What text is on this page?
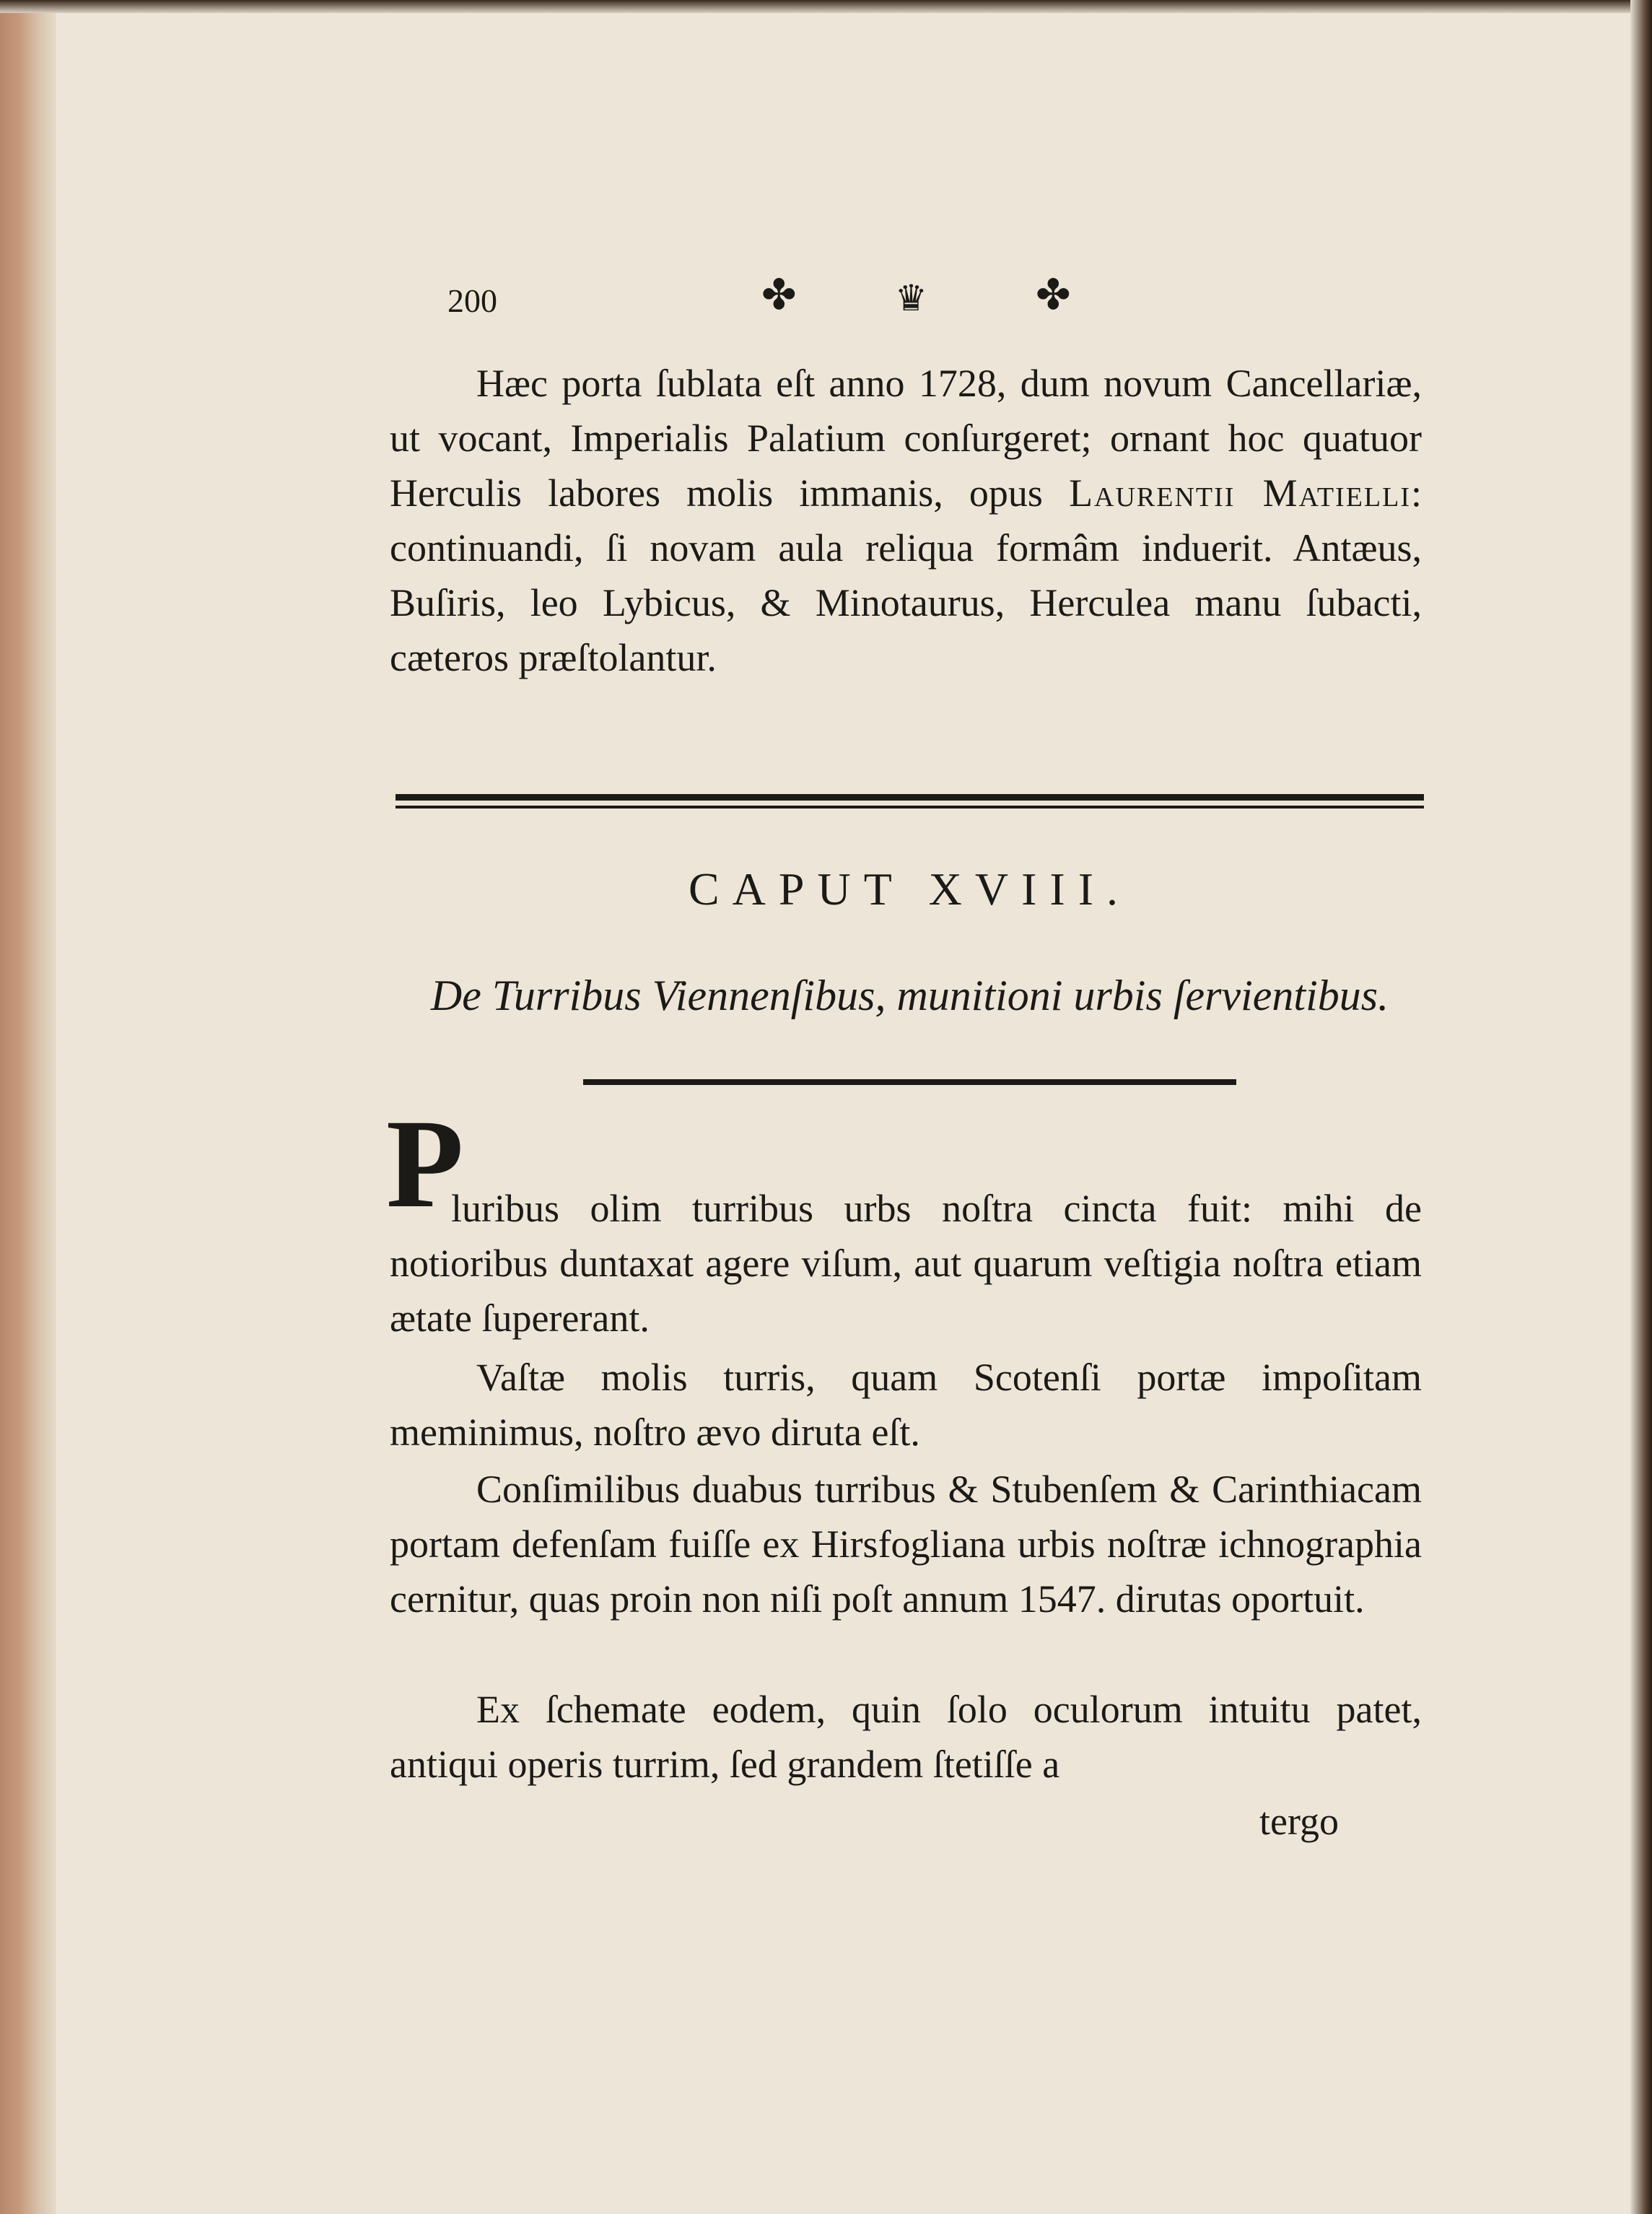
200	✤	♛	✤

Hæc porta ſublata eſt anno 1728, dum novum Cancellariæ, ut vocant, Imperialis Palatium conſurgeret; ornant hoc quatuor Herculis labores molis immanis, opus Laurentii Matielli: continuandi, ſi novam aula reliqua formâm induerit. Antæus, Buſiris, leo Lybicus, & Minotaurus, Herculea manu ſubacti, cæteros præſtolantur.

CAPUT XVIII.
De Turribus Viennenſibus, munitioni urbis ſervientibus.
P

luribus olim turribus urbs noſtra cincta fuit: mihi de notioribus duntaxat agere viſum, aut quarum veſtigia noſtra etiam ætate ſupererant.

Vaſtæ molis turris, quam Scotenſi portæ impoſitam meminimus, noſtro ævo diruta eſt.

Conſimilibus duabus turribus & Stubenſem & Carinthiacam portam defenſam fuiſſe ex Hirsfogliana urbis noſtræ ichnographia cernitur, quas proin non niſi poſt annum 1547. dirutas oportuit.

Ex ſchemate eodem, quin ſolo oculorum intuitu patet, antiqui operis turrim, ſed grandem ſtetiſſe a

tergo
